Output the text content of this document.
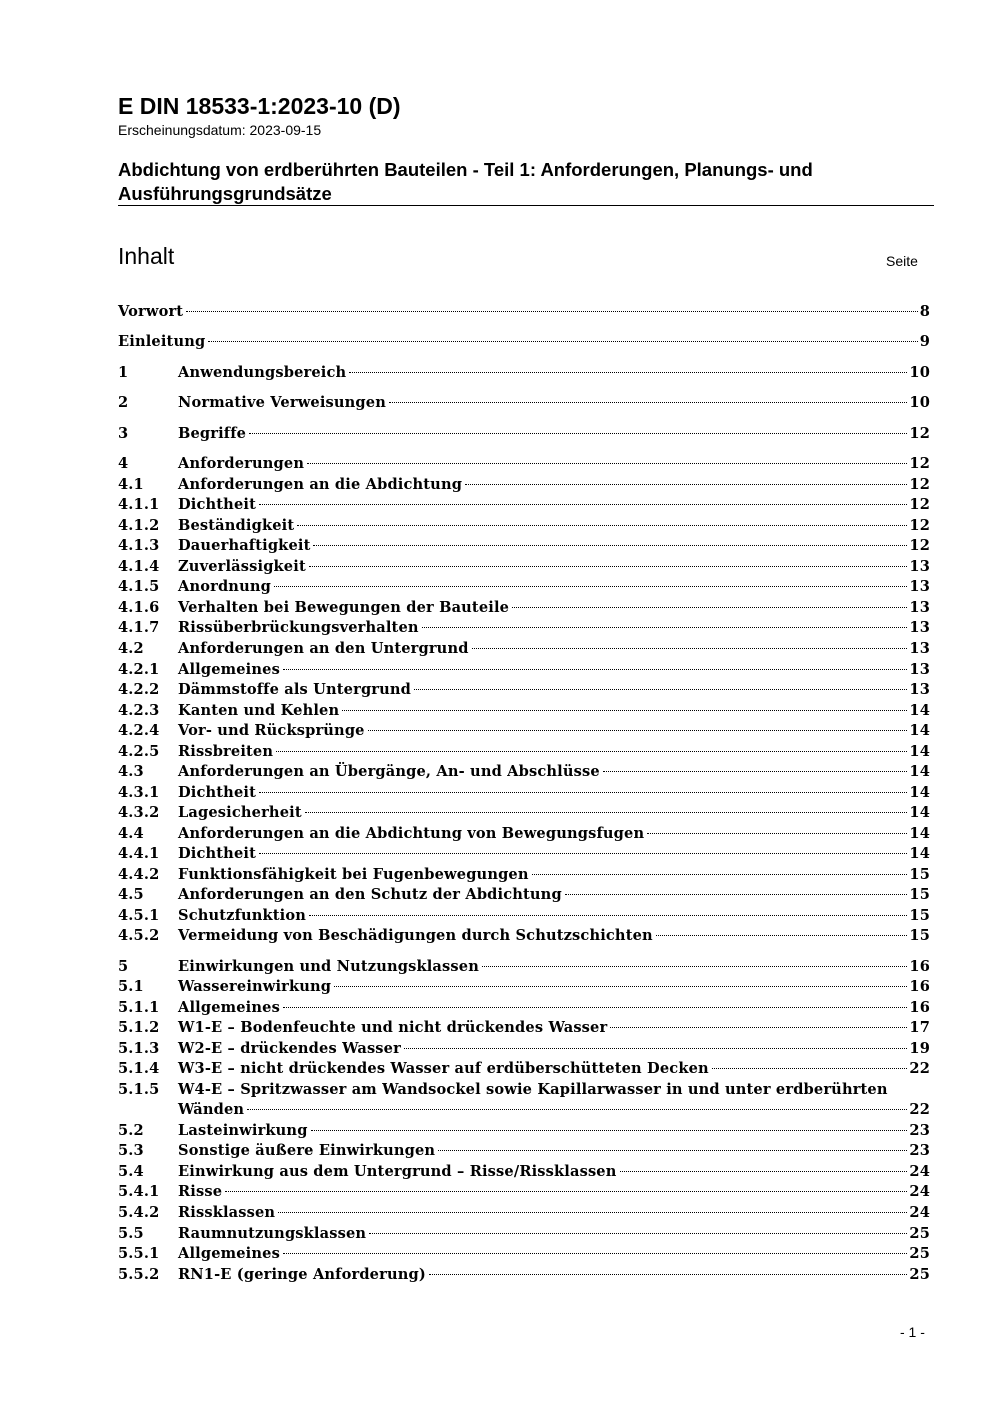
E DIN 18533-1:2023-10 (D)
Erscheinungsdatum: 2023-09-15
Abdichtung von erdberührten Bauteilen - Teil 1: Anforderungen, Planungs- und Ausführungsgrundsätze
Inhalt	Seite
Vorwort	8
Einleitung	9
1	Anwendungsbereich	10
2	Normative Verweisungen	10
3	Begriffe	12
4	Anforderungen	12
4.1	Anforderungen an die Abdichtung	12
4.1.1	Dichtheit	12
4.1.2	Beständigkeit	12
4.1.3	Dauerhaftigkeit	12
4.1.4	Zuverlässigkeit	13
4.1.5	Anordnung	13
4.1.6	Verhalten bei Bewegungen der Bauteile	13
4.1.7	Rissüberbrückungsverhalten	13
4.2	Anforderungen an den Untergrund	13
4.2.1	Allgemeines	13
4.2.2	Dämmstoffe als Untergrund	13
4.2.3	Kanten und Kehlen	14
4.2.4	Vor- und Rücksprünge	14
4.2.5	Rissbreiten	14
4.3	Anforderungen an Übergänge, An- und Abschlüsse	14
4.3.1	Dichtheit	14
4.3.2	Lagesicherheit	14
4.4	Anforderungen an die Abdichtung von Bewegungsfugen	14
4.4.1	Dichtheit	14
4.4.2	Funktionsfähigkeit bei Fugenbewegungen	15
4.5	Anforderungen an den Schutz der Abdichtung	15
4.5.1	Schutzfunktion	15
4.5.2	Vermeidung von Beschädigungen durch Schutzschichten	15
5	Einwirkungen und Nutzungsklassen	16
5.1	Wassereinwirkung	16
5.1.1	Allgemeines	16
5.1.2	W1-E – Bodenfeuchte und nicht drückendes Wasser	17
5.1.3	W2-E – drückendes Wasser	19
5.1.4	W3-E – nicht drückendes Wasser auf erdüberschütteten Decken	22
5.1.5	W4-E – Spritzwasser am Wandsockel sowie Kapillarwasser in und unter erdberührten
Wänden	22
5.2	Lasteinwirkung	23
5.3	Sonstige äußere Einwirkungen	23
5.4	Einwirkung aus dem Untergrund – Risse/Rissklassen	24
5.4.1	Risse	24
5.4.2	Rissklassen	24
5.5	Raumnutzungsklassen	25
5.5.1	Allgemeines	25
5.5.2	RN1-E (geringe Anforderung)	25
- 1 -
